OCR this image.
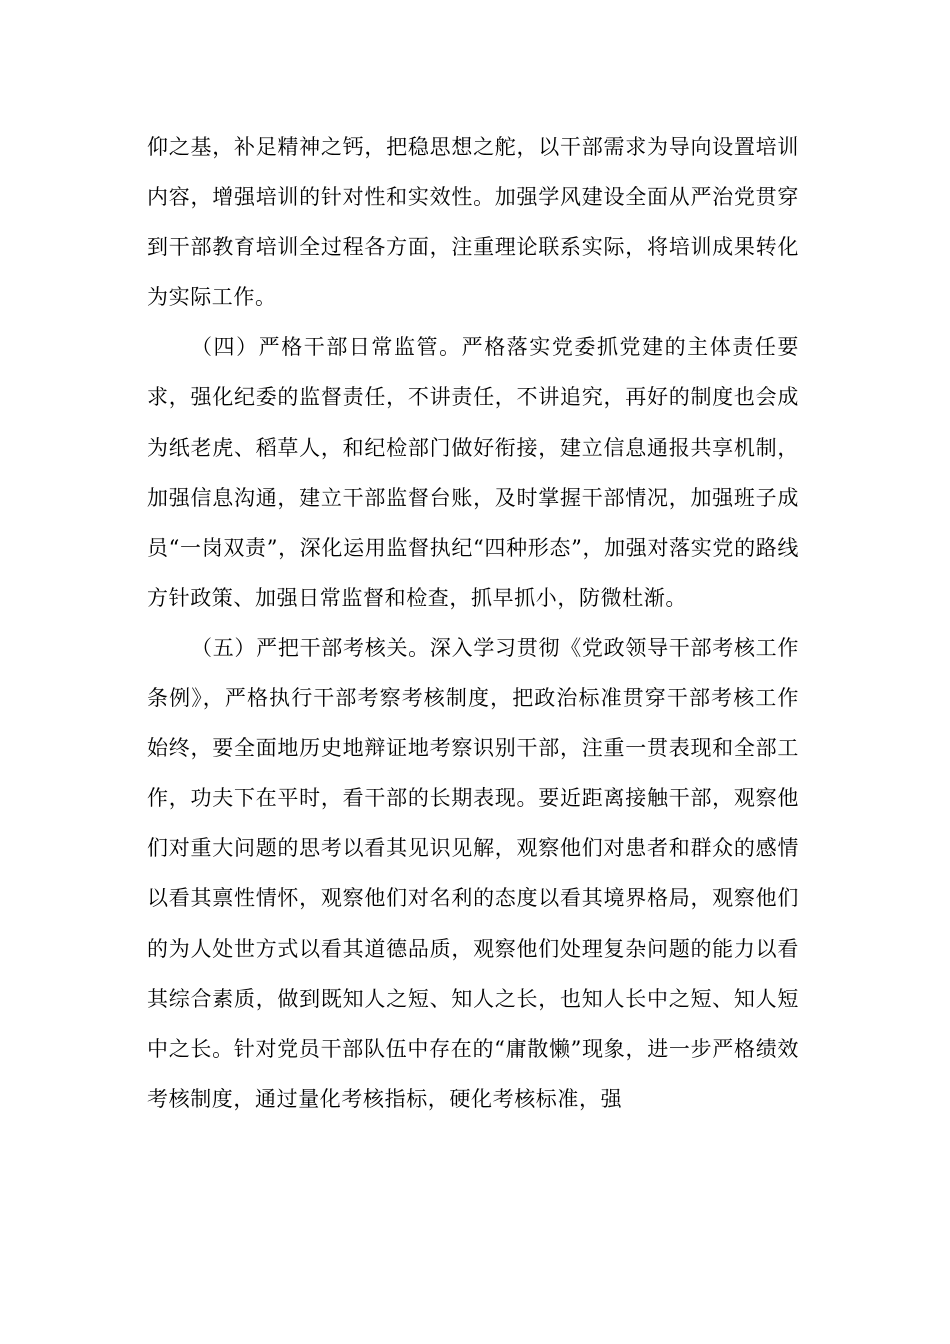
仰之基，补足精神之钙，把稳思想之舵，以干部需求为导向设置培训内容，增强培训的针对性和实效性。加强学风建设全面从严治党贯穿到干部教育培训全过程各方面，注重理论联系实际，将培训成果转化为实际工作。

（四）严格干部日常监管。严格落实党委抓党建的主体责任要求，强化纪委的监督责任，不讲责任，不讲追究，再好的制度也会成为纸老虎、稻草人，和纪检部门做好衔接，建立信息通报共享机制，加强信息沟通，建立干部监督台账，及时掌握干部情况，加强班子成员“一岗双责”，深化运用监督执纪“四种形态”，加强对落实党的路线方针政策、加强日常监督和检查，抓早抓小，防微杜渐。

（五）严把干部考核关。深入学习贯彻《党政领导干部考核工作条例》，严格执行干部考察考核制度，把政治标准贯穿干部考核工作始终，要全面地历史地辩证地考察识别干部，注重一贯表现和全部工作，功夫下在平时，看干部的长期表现。要近距离接触干部，观察他们对重大问题的思考以看其见识见解，观察他们对患者和群众的感情以看其禀性情怀，观察他们对名利的态度以看其境界格局，观察他们的为人处世方式以看其道德品质，观察他们处理复杂问题的能力以看其综合素质，做到既知人之短、知人之长，也知人长中之短、知人短中之长。针对党员干部队伍中存在的“庸散懒”现象，进一步严格绩效考核制度，通过量化考核指标，硬化考核标准，强
